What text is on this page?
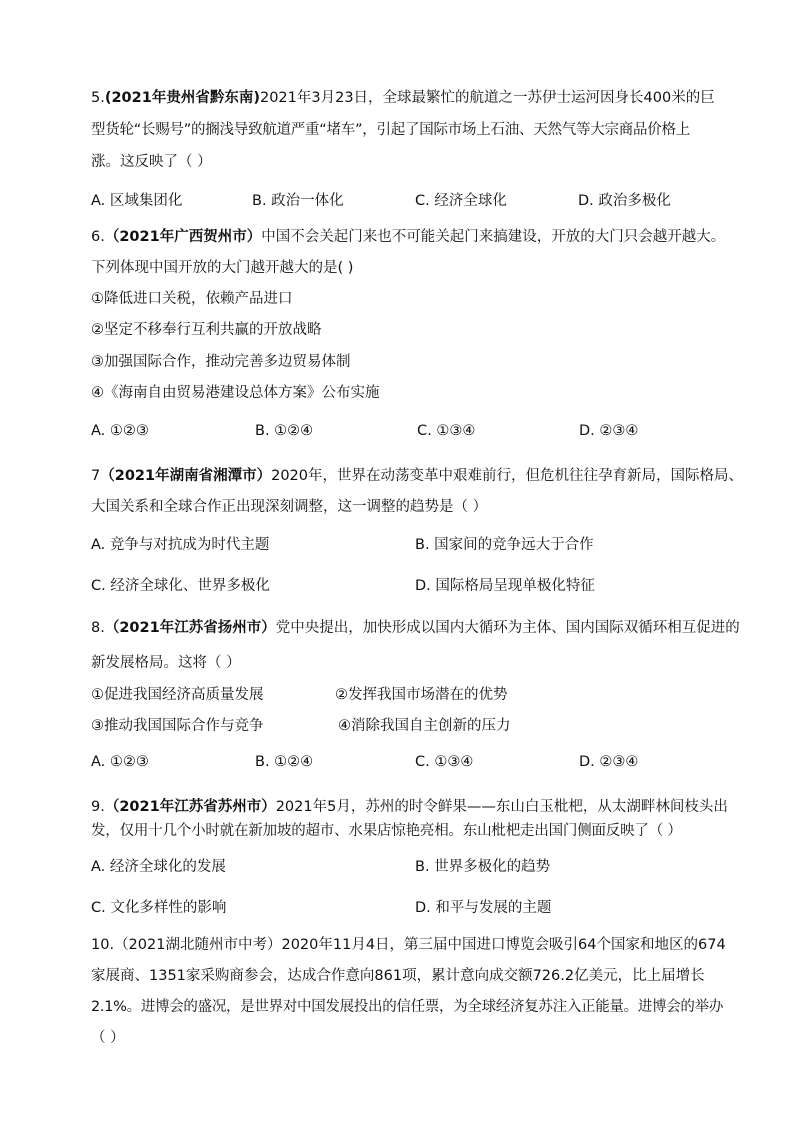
5.(2021年贵州省黔东南)2021年3月23日，全球最繁忙的航道之一苏伊士运河因身长400米的巨
型货轮“长赐号”的搁浅导致航道严重“堵车”，引起了国际市场上石油、天然气等大宗商品价格上
涨。这反映了（ ）
A. 区域集团化	B. 政治一体化	C. 经济全球化	D. 政治多极化
6.（2021年广西贺州市）中国不会关起门来也不可能关起门来搞建设，开放的大门只会越开越大。
下列体现中国开放的大门越开越大的是( )
①降低进口关税，依赖产品进口
②坚定不移奉行互利共赢的开放战略
③加强国际合作，推动完善多边贸易体制
④《海南自由贸易港建设总体方案》公布实施
A. ①②③	B. ①②④	C. ①③④	D. ②③④
7（2021年湖南省湘潭市）2020年，世界在动荡变革中艰难前行，但危机往往孕育新局，国际格局、
大国关系和全球合作正出现深刻调整，这一调整的趋势是（ ）
A. 竞争与对抗成为时代主题	B. 国家间的竞争远大于合作
C. 经济全球化、世界多极化	D. 国际格局呈现单极化特征
8.（2021年江苏省扬州市）党中央提出，加快形成以国内大循环为主体、国内国际双循环相互促进的
新发展格局。这将（ ）
①促进我国经济高质量发展	②发挥我国市场潜在的优势
③推动我国国际合作与竞争	④消除我国自主创新的压力
A. ①②③	B. ①②④	C. ①③④	D. ②③④
9.（2021年江苏省苏州市）2021年5月，苏州的时令鲜果——东山白玉枇杷，从太湖畔林间枝头出
发，仅用十几个小时就在新加坡的超市、水果店惊艳亮相。东山枇杷走出国门侧面反映了（ ）
A. 经济全球化的发展	B. 世界多极化的趋势
C. 文化多样性的影响	D. 和平与发展的主题
10.（2021湖北随州市中考）2020年11月4日，第三届中国进口博览会吸引64个国家和地区的674
家展商、1351家采购商参会，达成合作意向861项，累计意向成交额726.2亿美元，比上届增长
2.1%。进博会的盛况，是世界对中国发展投出的信任票，为全球经济复苏注入正能量。进博会的举办
（ ）
